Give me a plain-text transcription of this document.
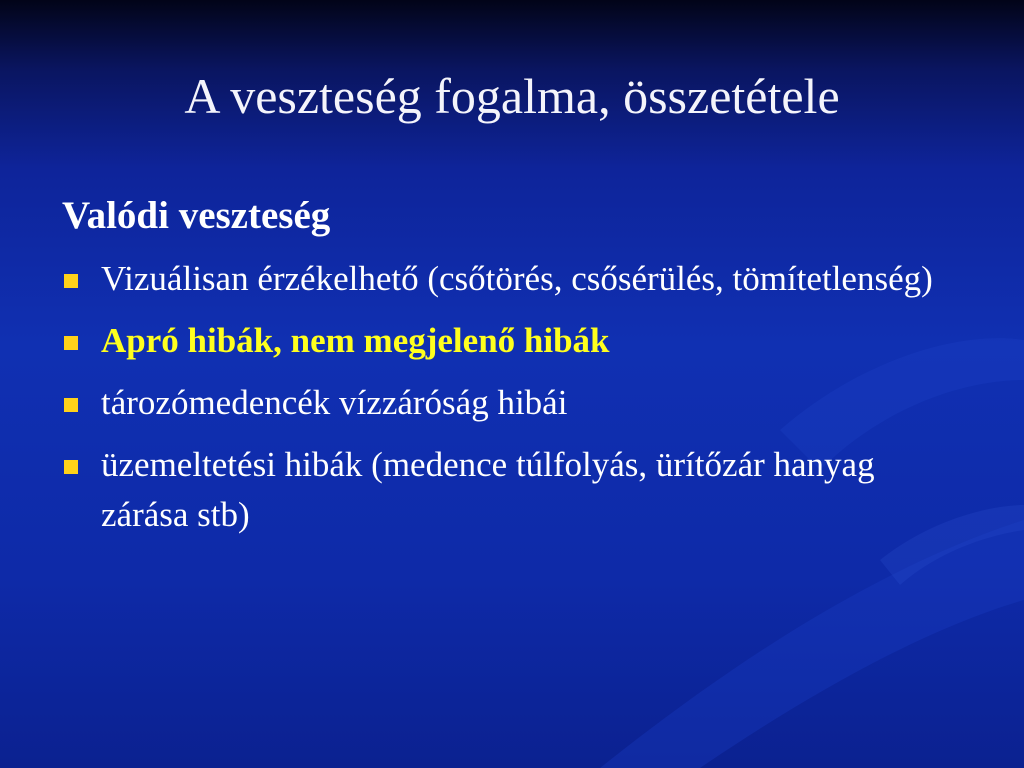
A veszteség fogalma, összetétele
Valódi veszteség
Vizuálisan érzékelhető (csőtörés, csősérülés, tömítetlenség)
Apró hibák, nem megjelenő hibák
tározómedencék vízzáróság hibái
üzemeltetési hibák (medence túlfolyás, ürítőzár hanyag zárása stb)
